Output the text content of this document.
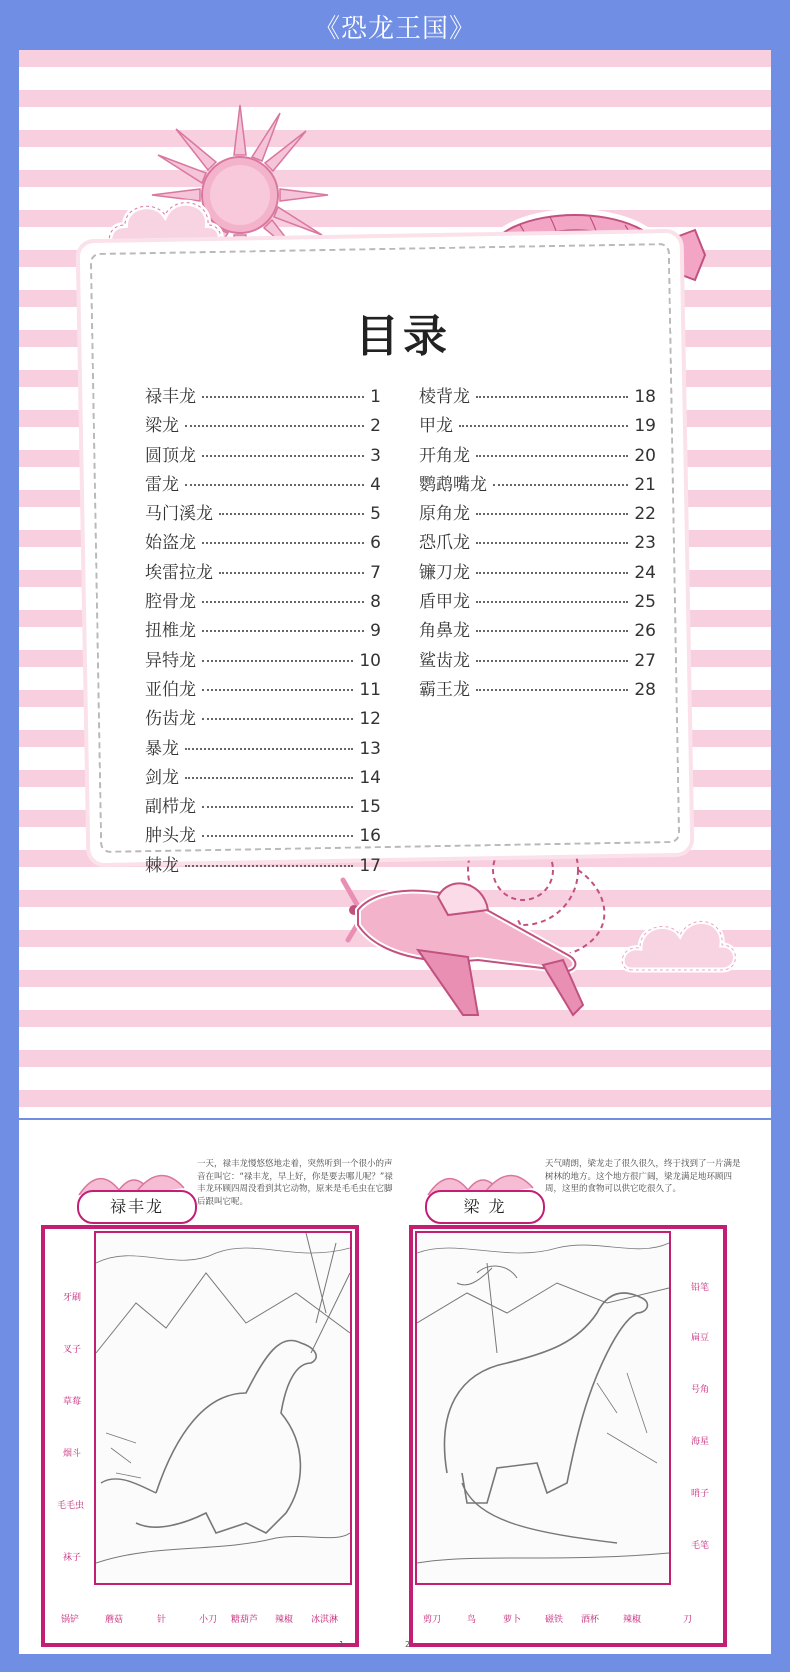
《恐龙王国》
目录
禄丰龙	1
梁龙	2
圆顶龙	3
雷龙	4
马门溪龙	5
始盗龙	6
埃雷拉龙	7
腔骨龙	8
扭椎龙	9
异特龙	10
亚伯龙	11
伤齿龙	12
暴龙	13
剑龙	14
副栉龙	15
肿头龙	16
棘龙	17
棱背龙	18
甲龙	19
开角龙	20
鹦鹉嘴龙	21
原角龙	22
恐爪龙	23
镰刀龙	24
盾甲龙	25
角鼻龙	26
鲨齿龙	27
霸王龙	28
禄丰龙
一天，禄丰龙慢悠悠地走着，突然听到一个很小的声音在叫它：“禄丰龙，早上好，你是要去哪儿呢？”禄丰龙环顾四周没看到其它动物，原来是毛毛虫在它脚后跟叫它呢。
牙刷
叉子
草莓
烟斗
毛毛虫
袜子
锅铲	蘑菇	针	小刀 糖葫芦 辣椒 冰淇淋
1
梁 龙
天气晴朗，梁龙走了很久很久，终于找到了一片满是树林的地方。这个地方很广阔，梁龙满足地环顾四周，这里的食物可以供它吃很久了。
铅笔
扁豆
号角
海星
哨子
毛笔
剪刀	鸟	萝卜	磁铁 酒杯	辣椒	刀
2
